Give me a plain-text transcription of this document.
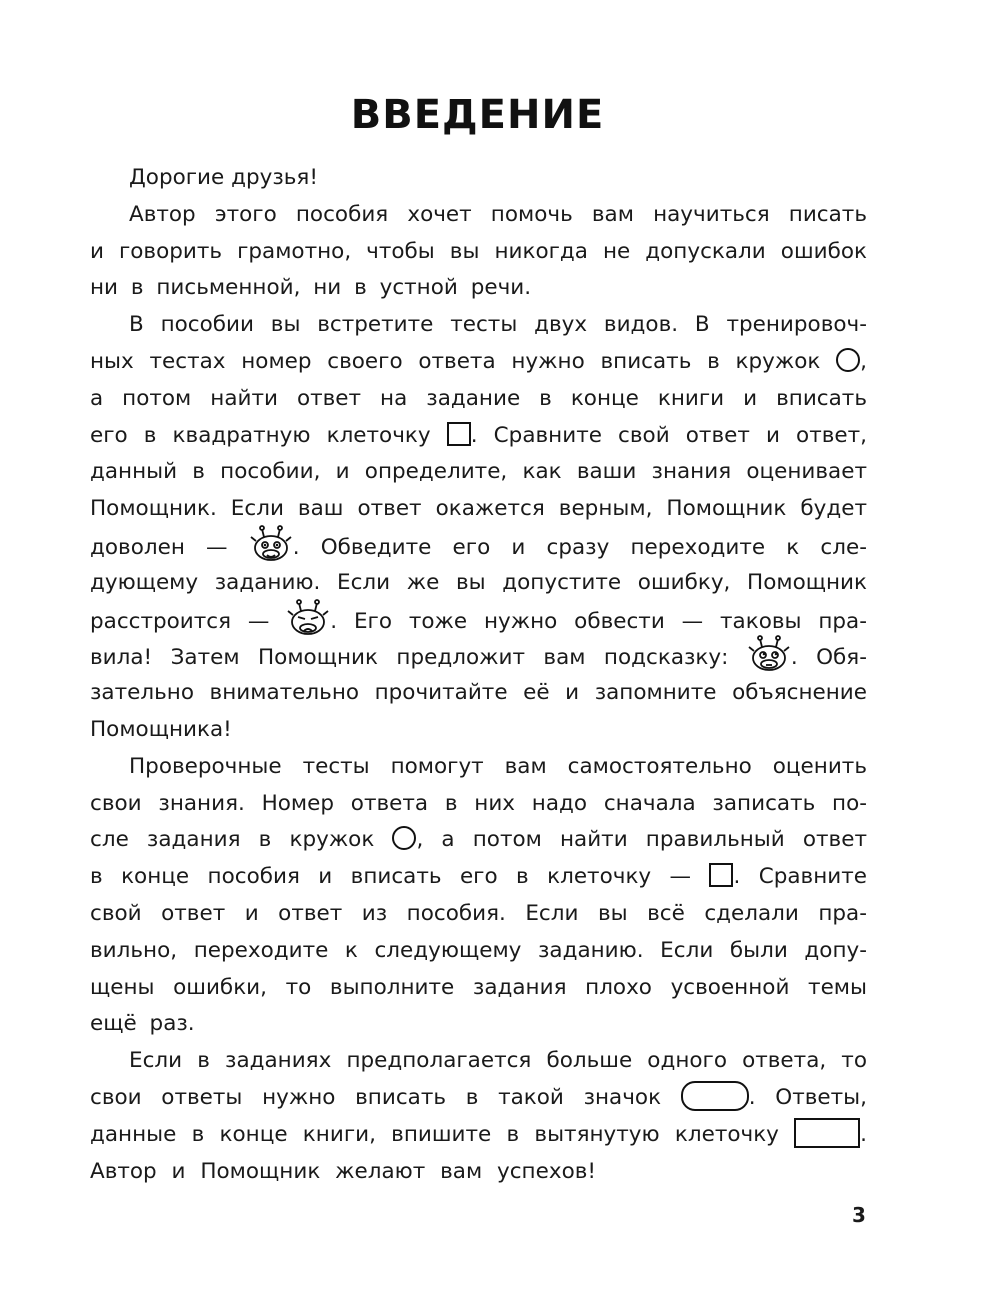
ВВЕДЕНИЕ
Дорогие друзья!
Автор этого пособия хочет помочь вам научиться писать
и говорить грамотно, чтобы вы никогда не допускали ошибок
ни в письменной, ни в устной речи.
В пособии вы встретите тесты двух видов. В тренировоч-
ных тестах номер своего ответа нужно вписать в кружок ,
а потом найти ответ на задание в конце книги и вписать
его в квадратную клеточку . Сравните свой ответ и ответ,
данный в пособии, и определите, как ваши знания оценивает
Помощник. Если ваш ответ окажется верным, Помощник будет
доволен —	. Обведите его и сразу переходите к сле-
дующему заданию. Если же вы допустите ошибку, Помощник
расстроится —	. Его тоже нужно обвести — таковы пра-
вила! Затем Помощник предложит вам подсказку:	. Обя-
зательно внимательно прочитайте её и запомните объяснение
Помощника!
Проверочные тесты помогут вам самостоятельно оценить
свои знания. Номер ответа в них надо сначала записать по-
сле задания в кружок , а потом найти правильный ответ
в конце пособия и вписать его в клеточку — . Сравните
свой ответ и ответ из пособия. Если вы всё сделали пра-
вильно, переходите к следующему заданию. Если были допу-
щены ошибки, то выполните задания плохо усвоенной темы
ещё раз.
Если в заданиях предполагается больше одного ответа, то
свои ответы нужно вписать в такой значок	. Ответы,
данные в конце книги, впишите в вытянутую клеточку	.
Автор и Помощник желают вам успехов!
3
